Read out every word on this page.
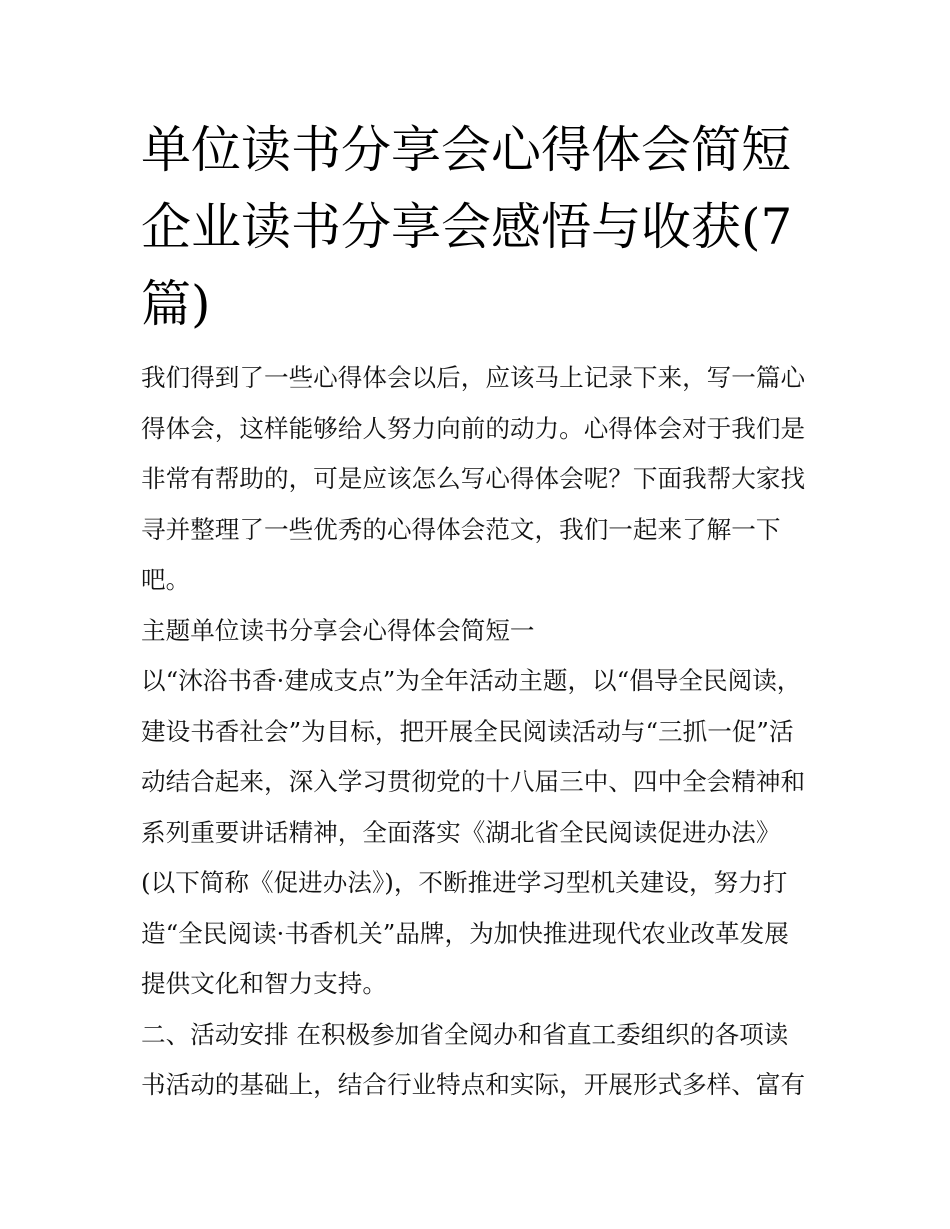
单位读书分享会心得体会简短
企业读书分享会感悟与收获(7
篇)

我们得到了一些心得体会以后，应该马上记录下来，写一篇心
得体会，这样能够给人努力向前的动力。心得体会对于我们是
非常有帮助的，可是应该怎么写心得体会呢？下面我帮大家找
寻并整理了一些优秀的心得体会范文，我们一起来了解一下
吧。

主题单位读书分享会心得体会简短一

以“沐浴书香·建成支点”为全年活动主题，以“倡导全民阅读，
建设书香社会”为目标，把开展全民阅读活动与“三抓一促”活
动结合起来，深入学习贯彻党的十八届三中、四中全会精神和
系列重要讲话精神，全面落实《湖北省全民阅读促进办法》
(以下简称《促进办法》)，不断推进学习型机关建设，努力打
造“全民阅读·书香机关”品牌，为加快推进现代农业改革发展
提供文化和智力支持。

二、活动安排 在积极参加省全阅办和省直工委组织的各项读
书活动的基础上，结合行业特点和实际，开展形式多样、富有
